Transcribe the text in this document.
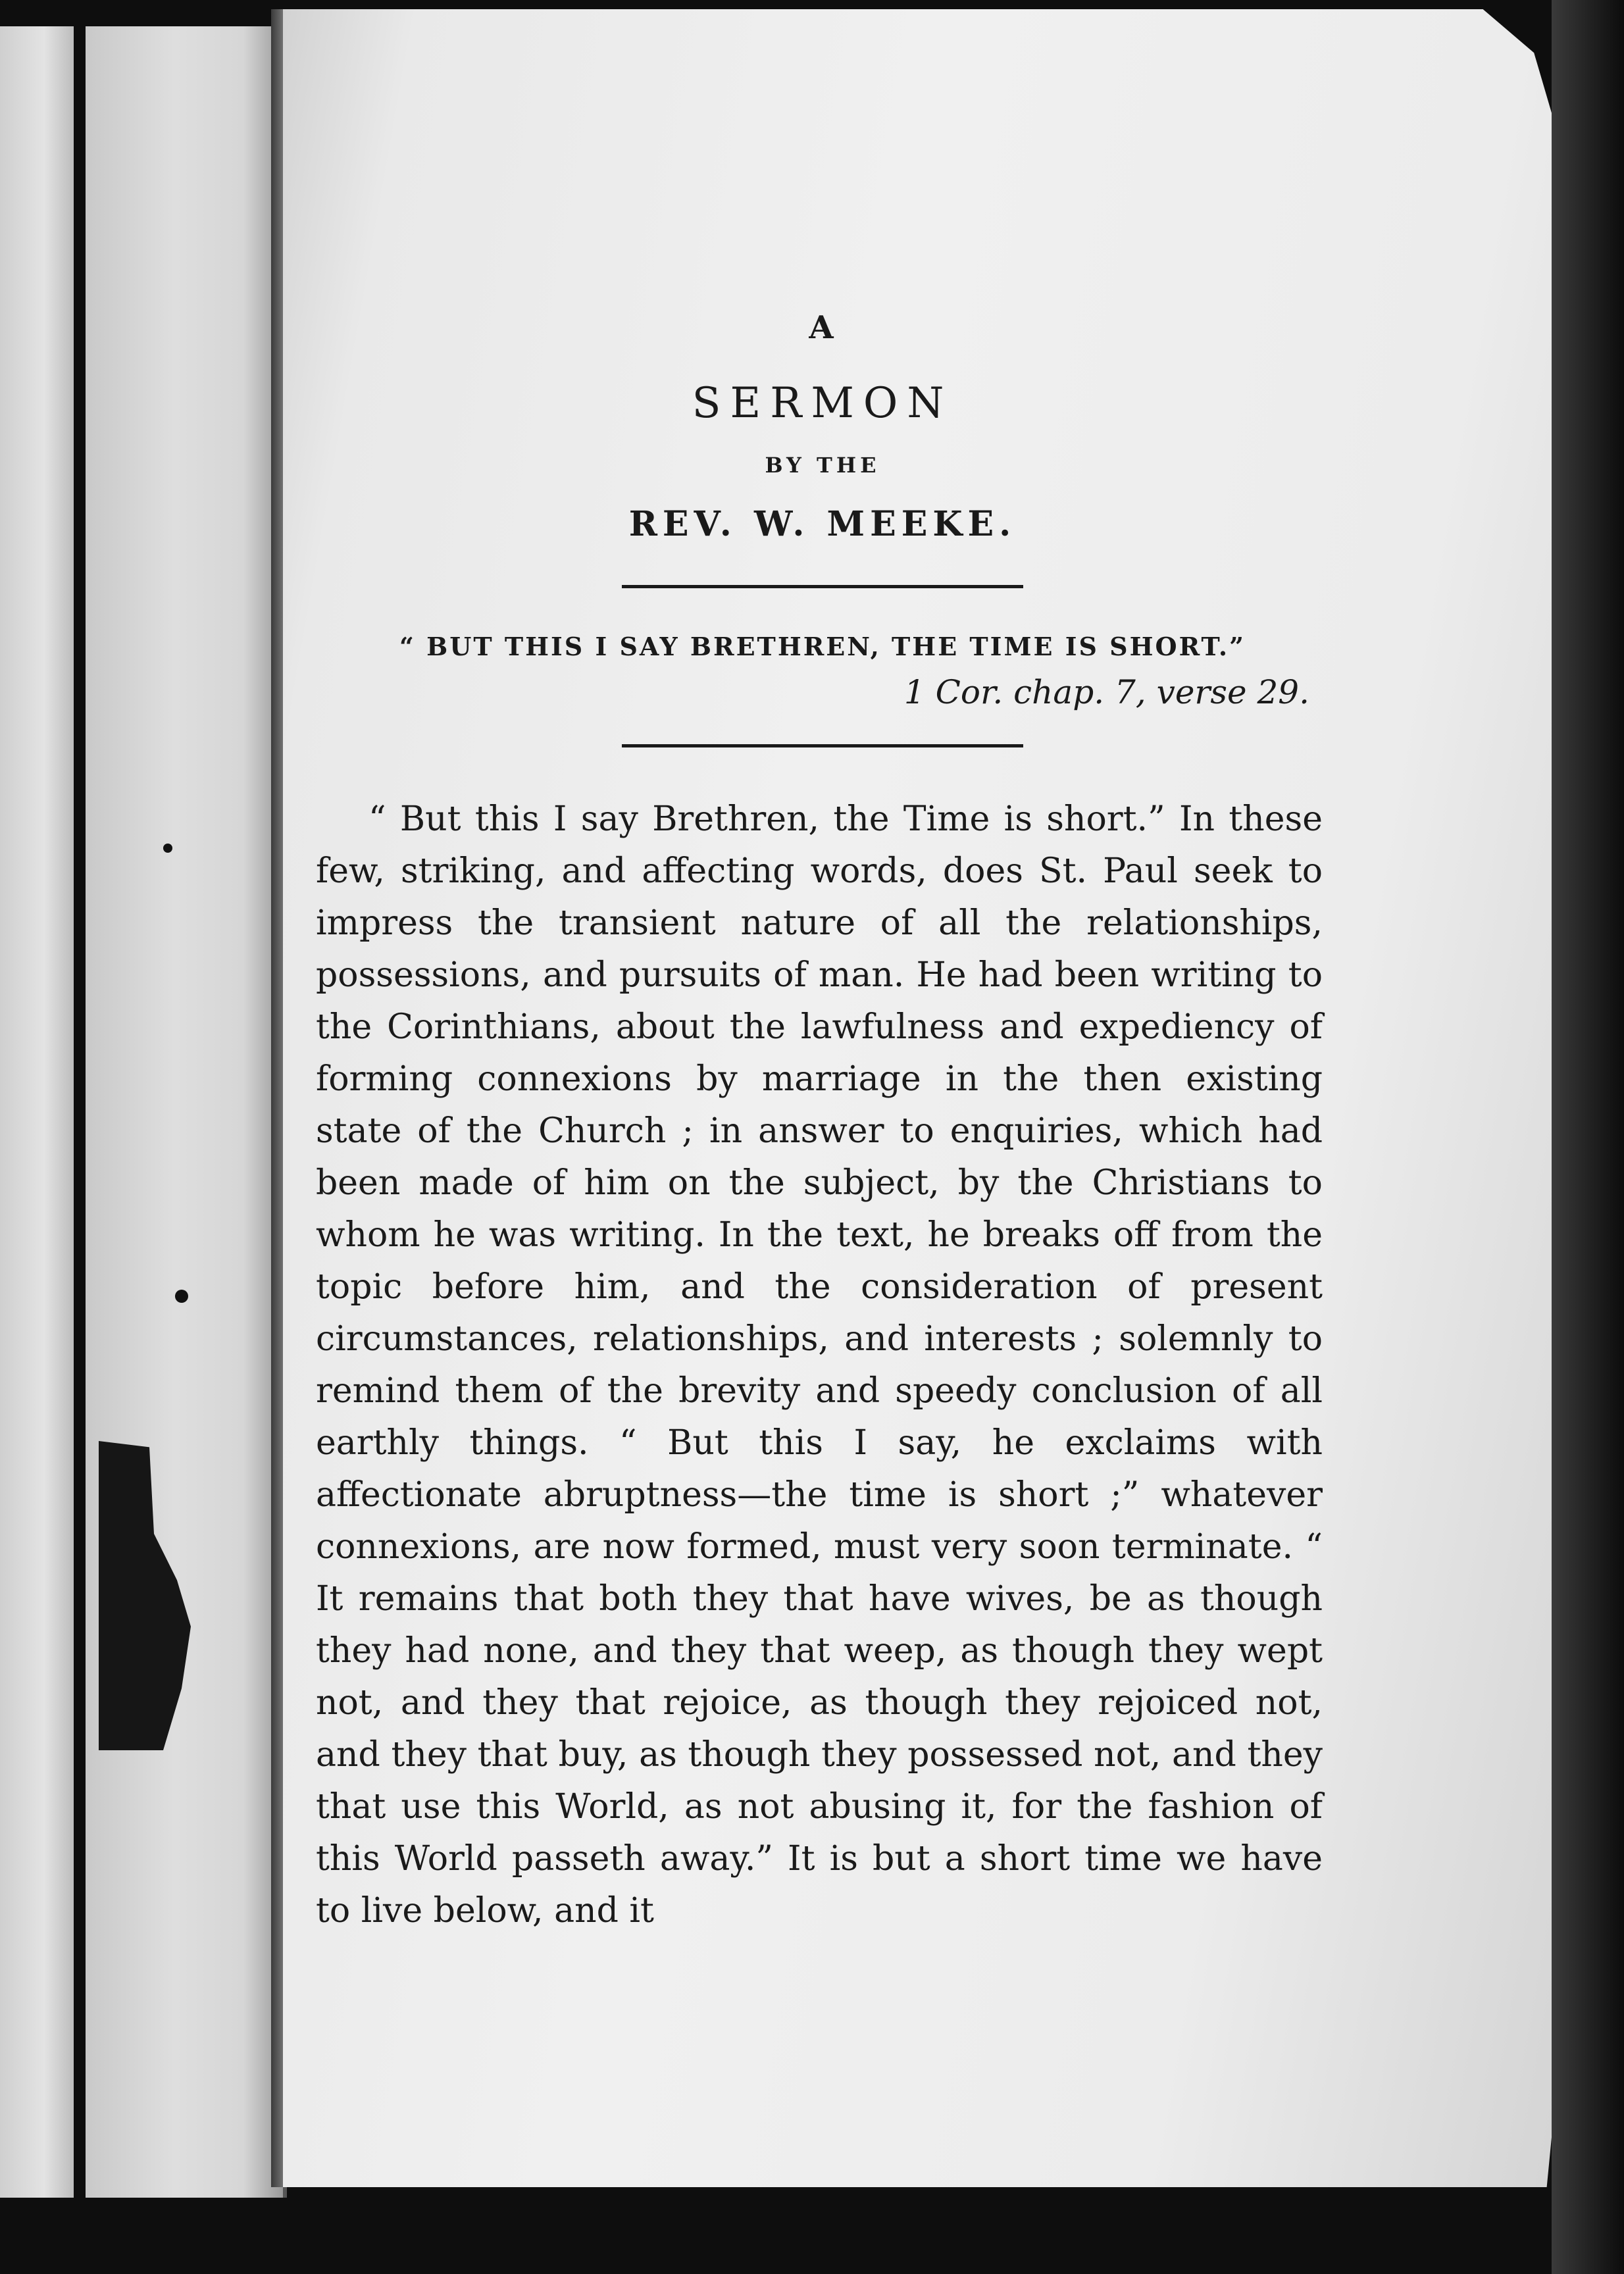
A
SERMON
BY THE
REV. W. MEEKE.
“ BUT THIS I SAY BRETHREN, THE TIME IS SHORT.”
1 Cor. chap. 7, verse 29.

“ But this I say Brethren, the Time is short.” In these few, striking, and affecting words, does St. Paul seek to impress the transient nature of all the relationships, possessions, and pursuits of man. He had been writing to the Corinthians, about the lawfulness and expediency of forming connexions by marriage in the then existing state of the Church ; in answer to enquiries, which had been made of him on the subject, by the Christians to whom he was writing. In the text, he breaks off from the topic before him, and the consideration of present circumstances, relationships, and interests ; solemnly to remind them of the brevity and speedy conclusion of all earthly things. “ But this I say, he exclaims with affectionate abruptness—the time is short ;” whatever connexions, are now formed, must very soon terminate. “ It remains that both they that have wives, be as though they had none, and they that weep, as though they wept not, and they that rejoice, as though they rejoiced not, and they that buy, as though they possessed not, and they that use this World, as not abusing it, for the fashion of this World passeth away.” It is but a short time we have to live below, and it
